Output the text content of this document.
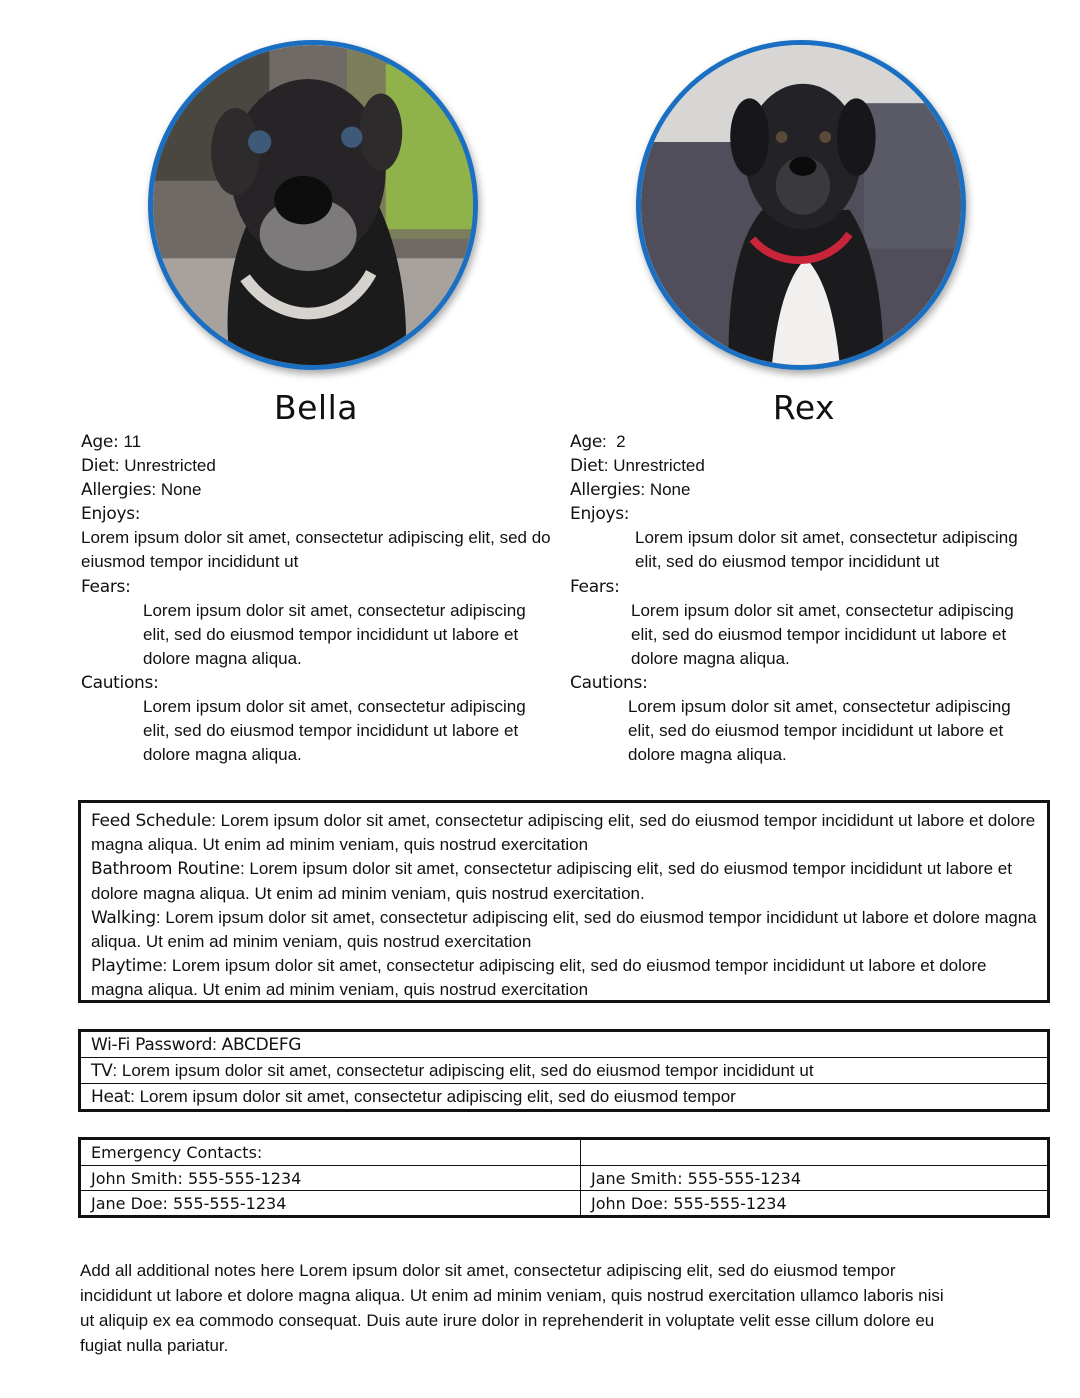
Bella
Age: 11
Diet: Unrestricted
Allergies: None
Enjoys:
Lorem ipsum dolor sit amet, consectetur adipiscing elit, sed do eiusmod tempor incididunt ut
Fears:
Lorem ipsum dolor sit amet, consectetur adipiscing elit, sed do eiusmod tempor incididunt ut labore et dolore magna aliqua.
Cautions:
Lorem ipsum dolor sit amet, consectetur adipiscing elit, sed do eiusmod tempor incididunt ut labore et dolore magna aliqua.
Rex
Age:  2
Diet: Unrestricted
Allergies: None
Enjoys:
Lorem ipsum dolor sit amet, consectetur adipiscing elit, sed do eiusmod tempor incididunt ut
Fears:
Lorem ipsum dolor sit amet, consectetur adipiscing elit, sed do eiusmod tempor incididunt ut labore et dolore magna aliqua.
Cautions:
Lorem ipsum dolor sit amet, consectetur adipiscing elit, sed do eiusmod tempor incididunt ut labore et dolore magna aliqua.

Feed Schedule: Lorem ipsum dolor sit amet, consectetur adipiscing elit, sed do eiusmod tempor incididunt ut labore et dolore magna aliqua. Ut enim ad minim veniam, quis nostrud exercitation

Bathroom Routine: Lorem ipsum dolor sit amet, consectetur adipiscing elit, sed do eiusmod tempor incididunt ut labore et dolore magna aliqua. Ut enim ad minim veniam, quis nostrud exercitation.

Walking: Lorem ipsum dolor sit amet, consectetur adipiscing elit, sed do eiusmod tempor incididunt ut labore et dolore magna aliqua. Ut enim ad minim veniam, quis nostrud exercitation

Playtime: Lorem ipsum dolor sit amet, consectetur adipiscing elit, sed do eiusmod tempor incididunt ut labore et dolore magna aliqua. Ut enim ad minim veniam, quis nostrud exercitation

Wi-Fi Password: ABCDEFG
TV: Lorem ipsum dolor sit amet, consectetur adipiscing elit, sed do eiusmod tempor incididunt ut
Heat: Lorem ipsum dolor sit amet, consectetur adipiscing elit, sed do eiusmod tempor
Emergency Contacts:
John Smith: 555-555-1234	Jane Smith: 555-555-1234
Jane Doe: 555-555-1234	John Doe: 555-555-1234
Add all additional notes here Lorem ipsum dolor sit amet, consectetur adipiscing elit, sed do eiusmod tempor incididunt ut labore et dolore magna aliqua. Ut enim ad minim veniam, quis nostrud exercitation ullamco laboris nisi ut aliquip ex ea commodo consequat. Duis aute irure dolor in reprehenderit in voluptate velit esse cillum dolore eu fugiat nulla pariatur.
